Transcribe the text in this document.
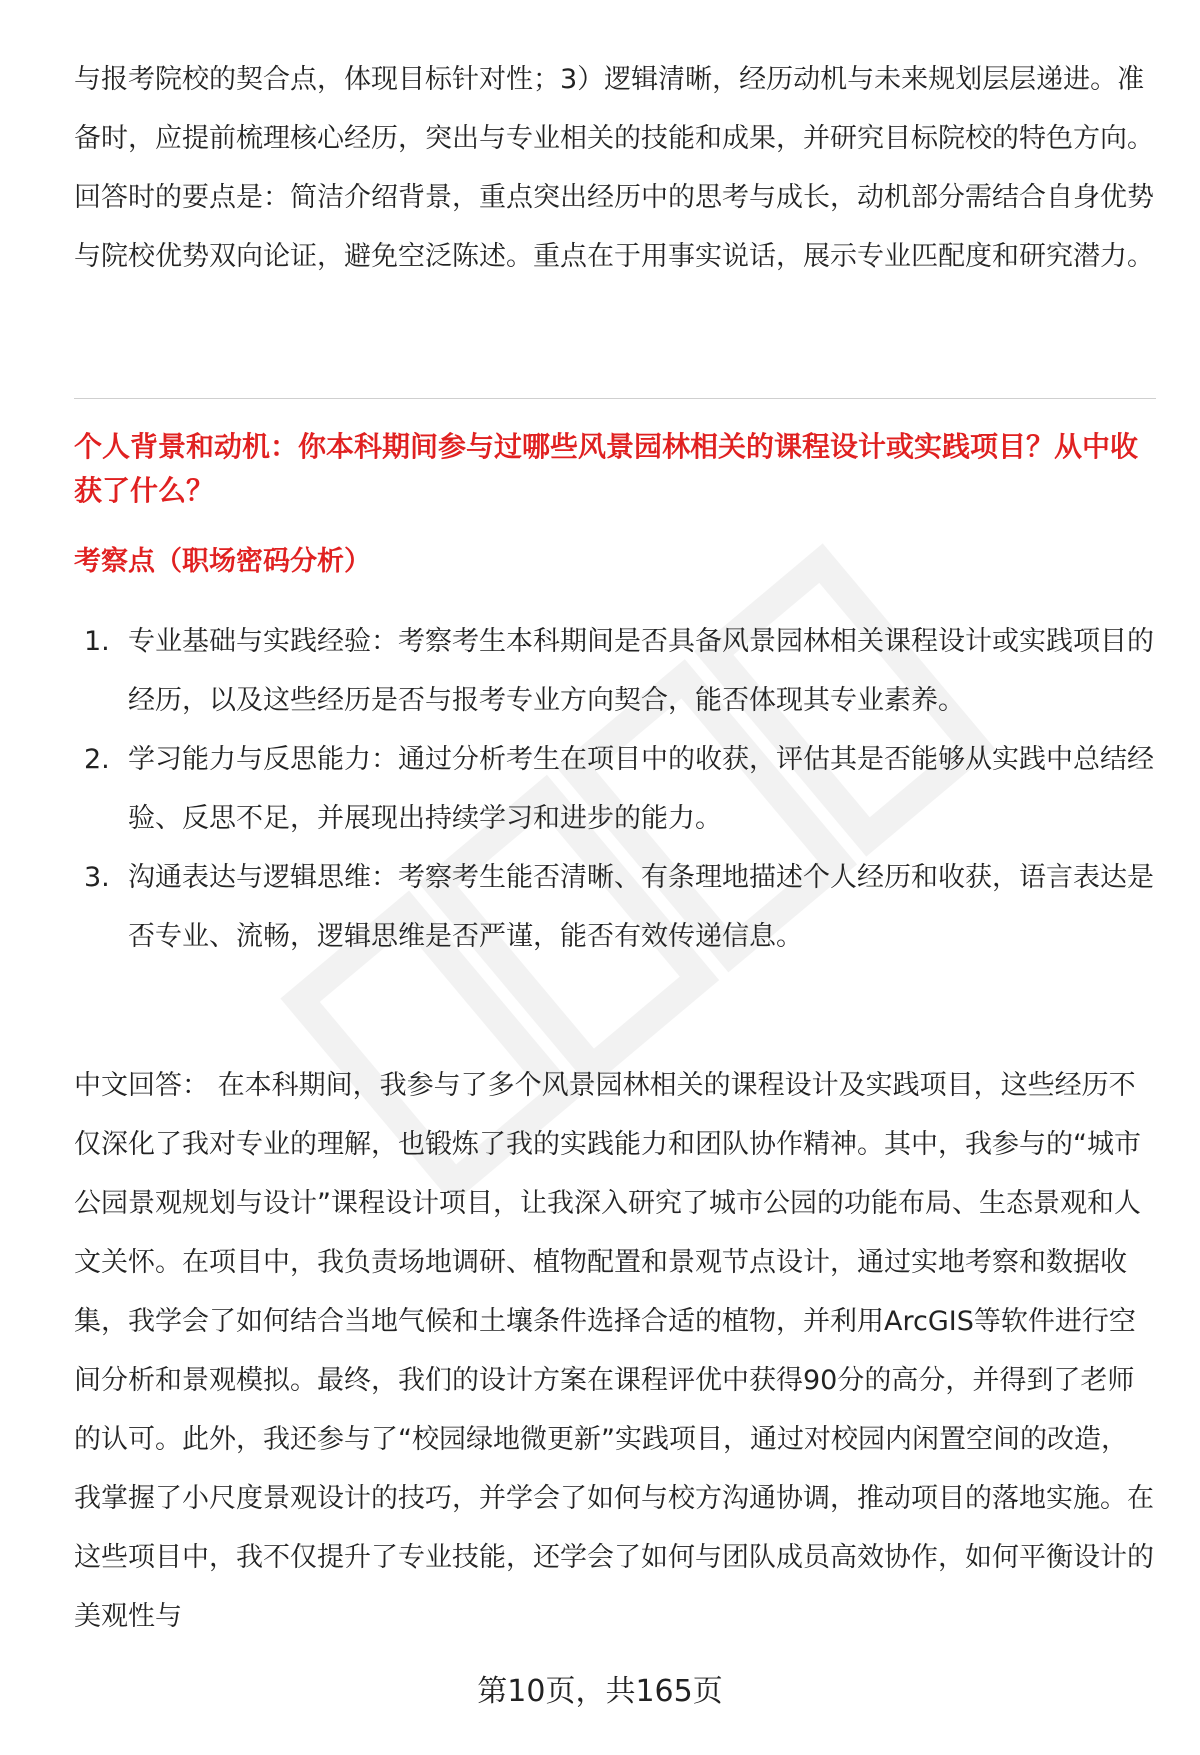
与报考院校的契合点，体现目标针对性；3）逻辑清晰，经历动机与未来规划层层递进。准备时，应提前梳理核心经历，突出与专业相关的技能和成果，并研究目标院校的特色方向。回答时的要点是：简洁介绍背景，重点突出经历中的思考与成长，动机部分需结合自身优势与院校优势双向论证，避免空泛陈述。重点在于用事实说话，展示专业匹配度和研究潜力。

个人背景和动机：你本科期间参与过哪些风景园林相关的课程设计或实践项目？从中收获了什么？

考察点（职场密码分析）

1. 专业基础与实践经验：考察考生本科期间是否具备风景园林相关课程设计或实践项目的经历，以及这些经历是否与报考专业方向契合，能否体现其专业素养。
2. 学习能力与反思能力：通过分析考生在项目中的收获，评估其是否能够从实践中总结经验、反思不足，并展现出持续学习和进步的能力。
3. 沟通表达与逻辑思维：考察考生能否清晰、有条理地描述个人经历和收获，语言表达是否专业、流畅，逻辑思维是否严谨，能否有效传递信息。

中文回答： 在本科期间，我参与了多个风景园林相关的课程设计及实践项目，这些经历不仅深化了我对专业的理解，也锻炼了我的实践能力和团队协作精神。其中，我参与的“城市公园景观规划与设计”课程设计项目，让我深入研究了城市公园的功能布局、生态景观和人文关怀。在项目中，我负责场地调研、植物配置和景观节点设计，通过实地考察和数据收集，我学会了如何结合当地气候和土壤条件选择合适的植物，并利用ArcGIS等软件进行空间分析和景观模拟。最终，我们的设计方案在课程评优中获得90分的高分，并得到了老师的认可。此外，我还参与了“校园绿地微更新”实践项目，通过对校园内闲置空间的改造，我掌握了小尺度景观设计的技巧，并学会了如何与校方沟通协调，推动项目的落地实施。在这些项目中，我不仅提升了专业技能，还学会了如何与团队成员高效协作，如何平衡设计的美观性与

第10页，共165页
